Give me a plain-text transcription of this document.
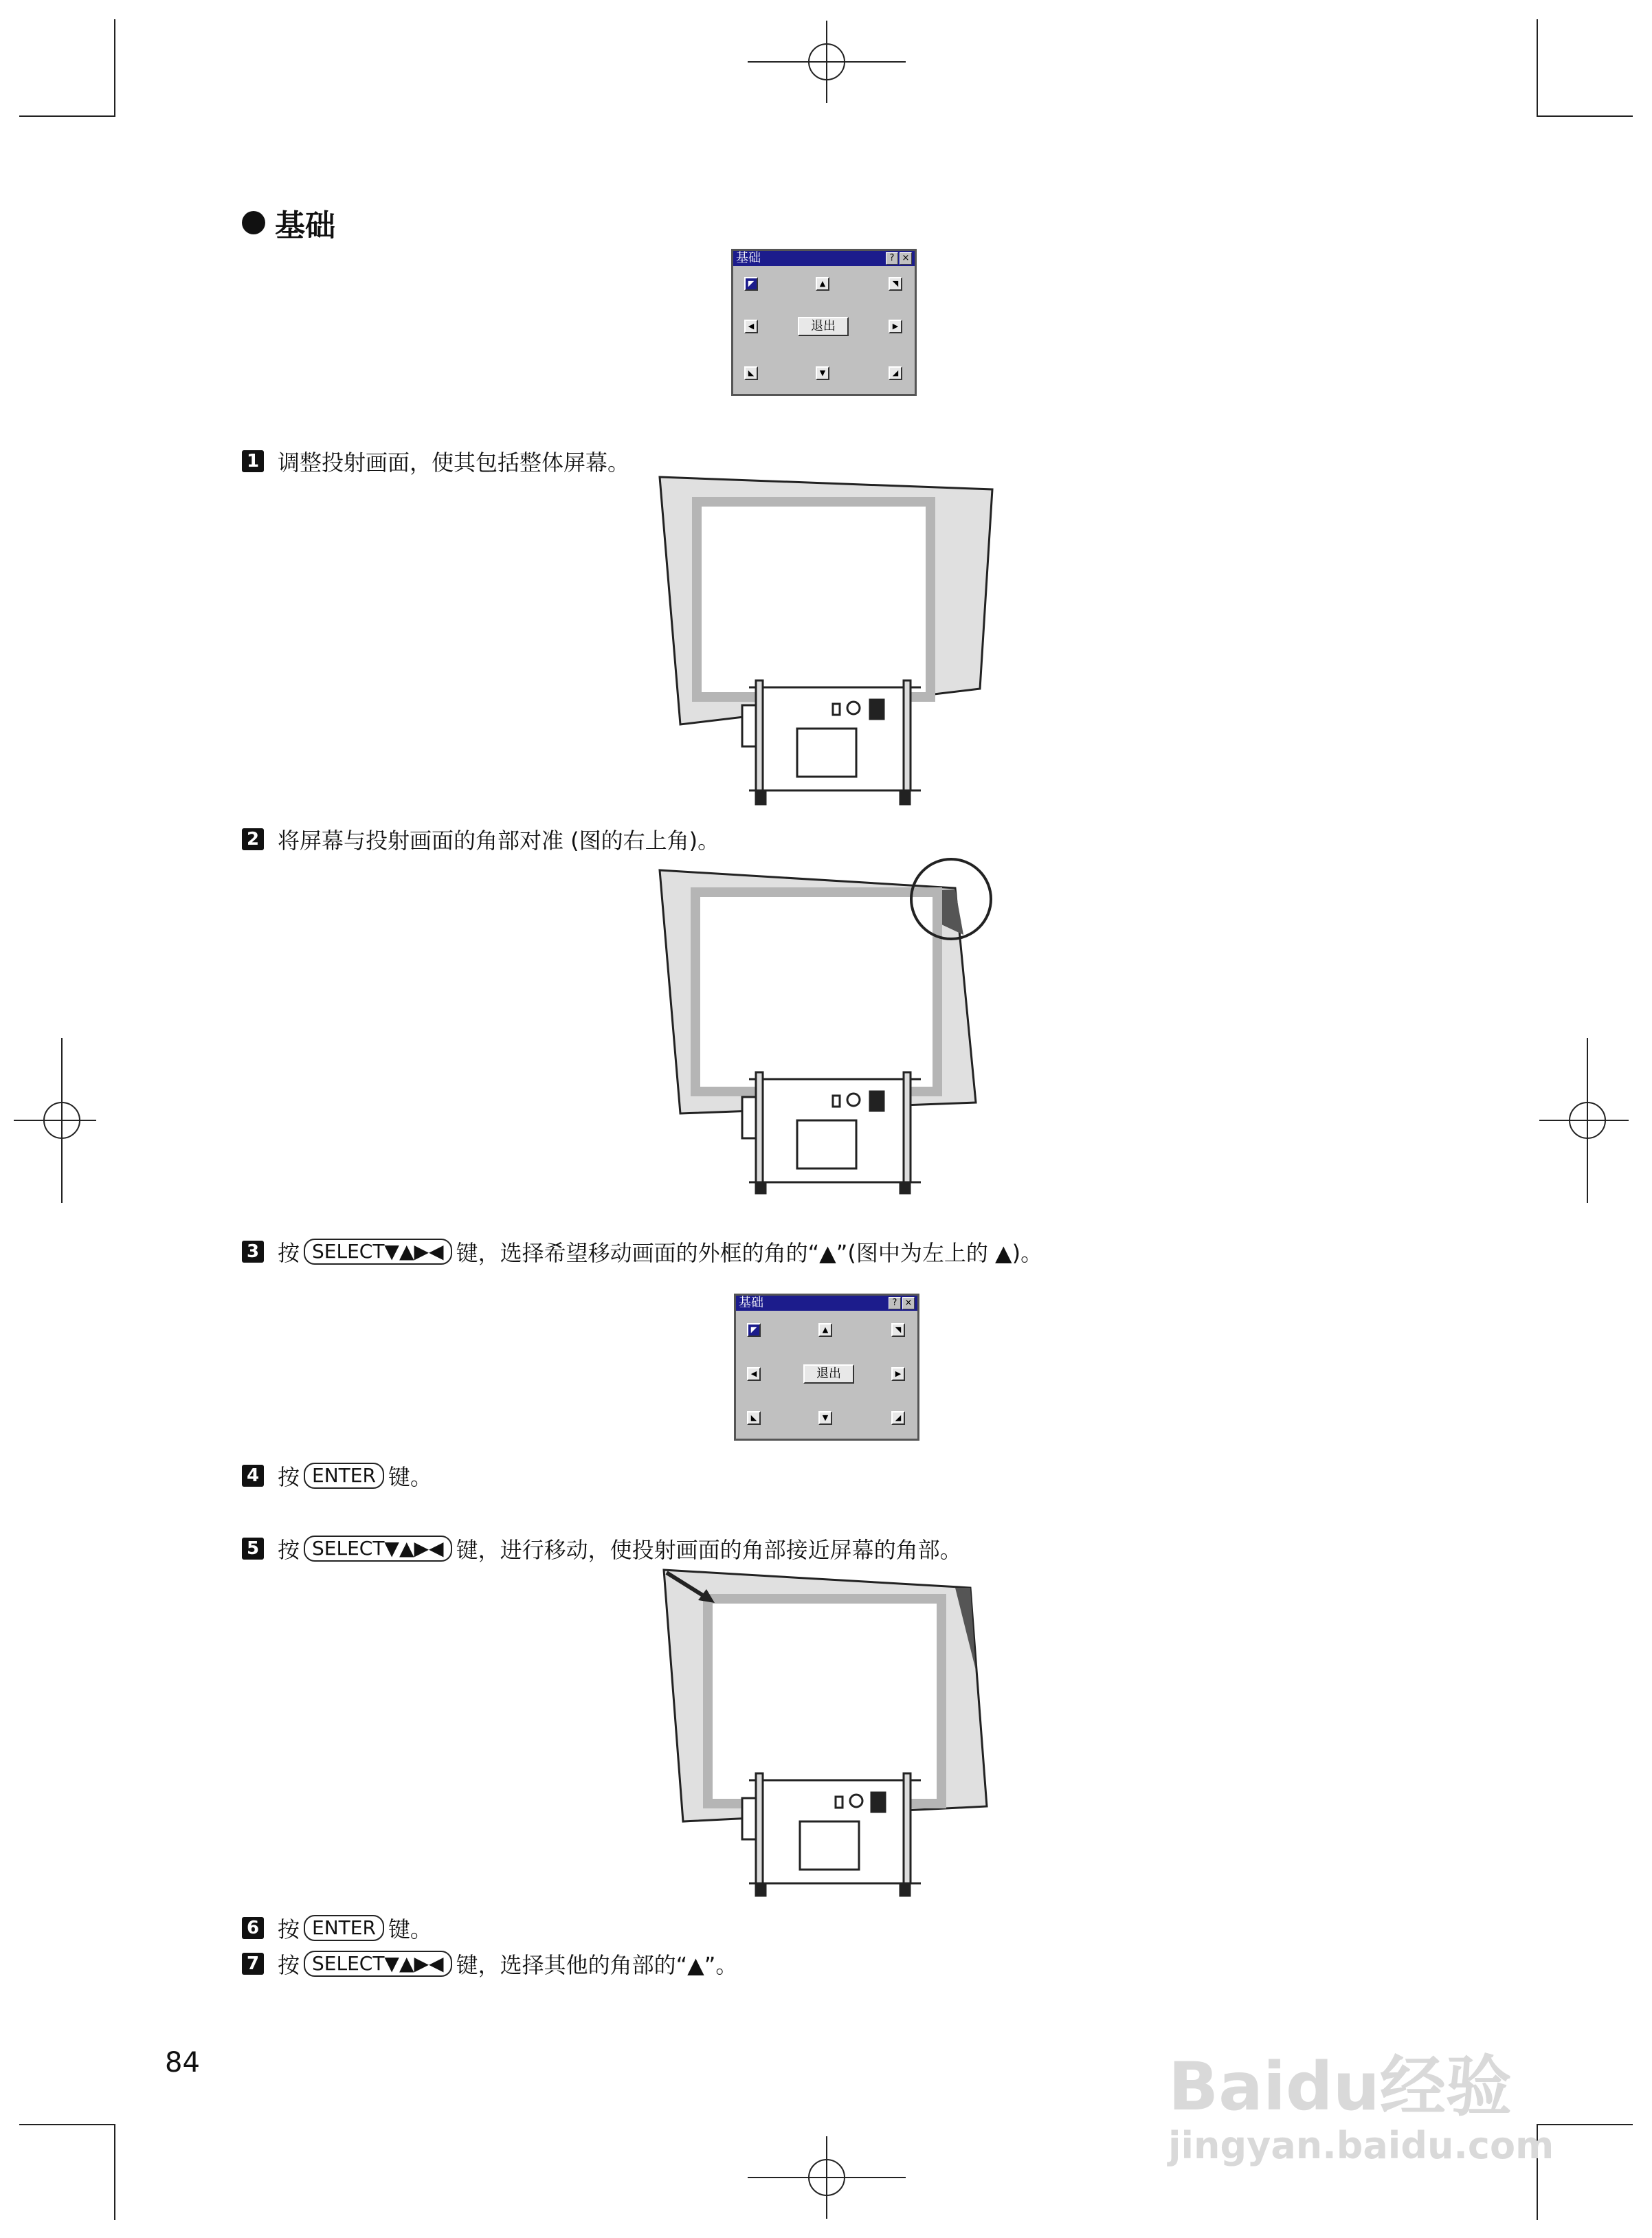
基础
基础	? ×
◤	▲	◥
◀	退出	▶
◣	▼	◢
1 调整投射画面，使其包括整体屏幕。
2 将屏幕与投射画面的角部对准 (图的右上角)。
3 按 SELECT▼▲▶◀ 键，选择希望移动画面的外框的角的“▲”(图中为左上的 ▲)。
基础	? ×
◤	▲	◥
◀	退出	▶
◣	▼	◢
4 按 ENTER 键。
5 按 SELECT▼▲▶◀ 键，进行移动，使投射画面的角部接近屏幕的角部。
6 按 ENTER 键。
7 按 SELECT▼▲▶◀ 键，选择其他的角部的“▲”。
84	Baidu经验
jingyan.baidu.com
